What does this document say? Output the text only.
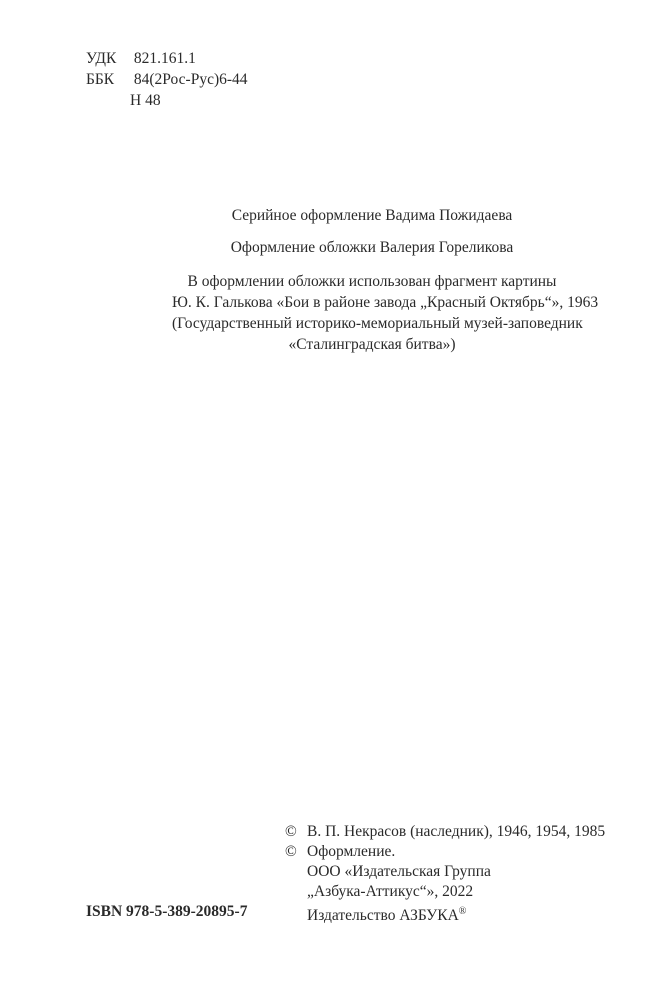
УДК 821.161.1
ББК 84(2Рос-Рус)6-44
Н 48
Серийное оформление Вадима Пожидаева
Оформление обложки Валерия Гореликова
В оформлении обложки использован фрагмент картины
Ю. К. Галькова «Бои в районе завода „Красный Октябрь“», 1963
(Государственный историко-мемориальный музей-заповедник
«Сталинградская битва»)
© В. П. Некрасов (наследник), 1946, 1954, 1985
© Оформление.
ООО «Издательская Группа
„Азбука-Аттикус“», 2022
Издательство АЗБУКА®
ISBN 978-5-389-20895-7
